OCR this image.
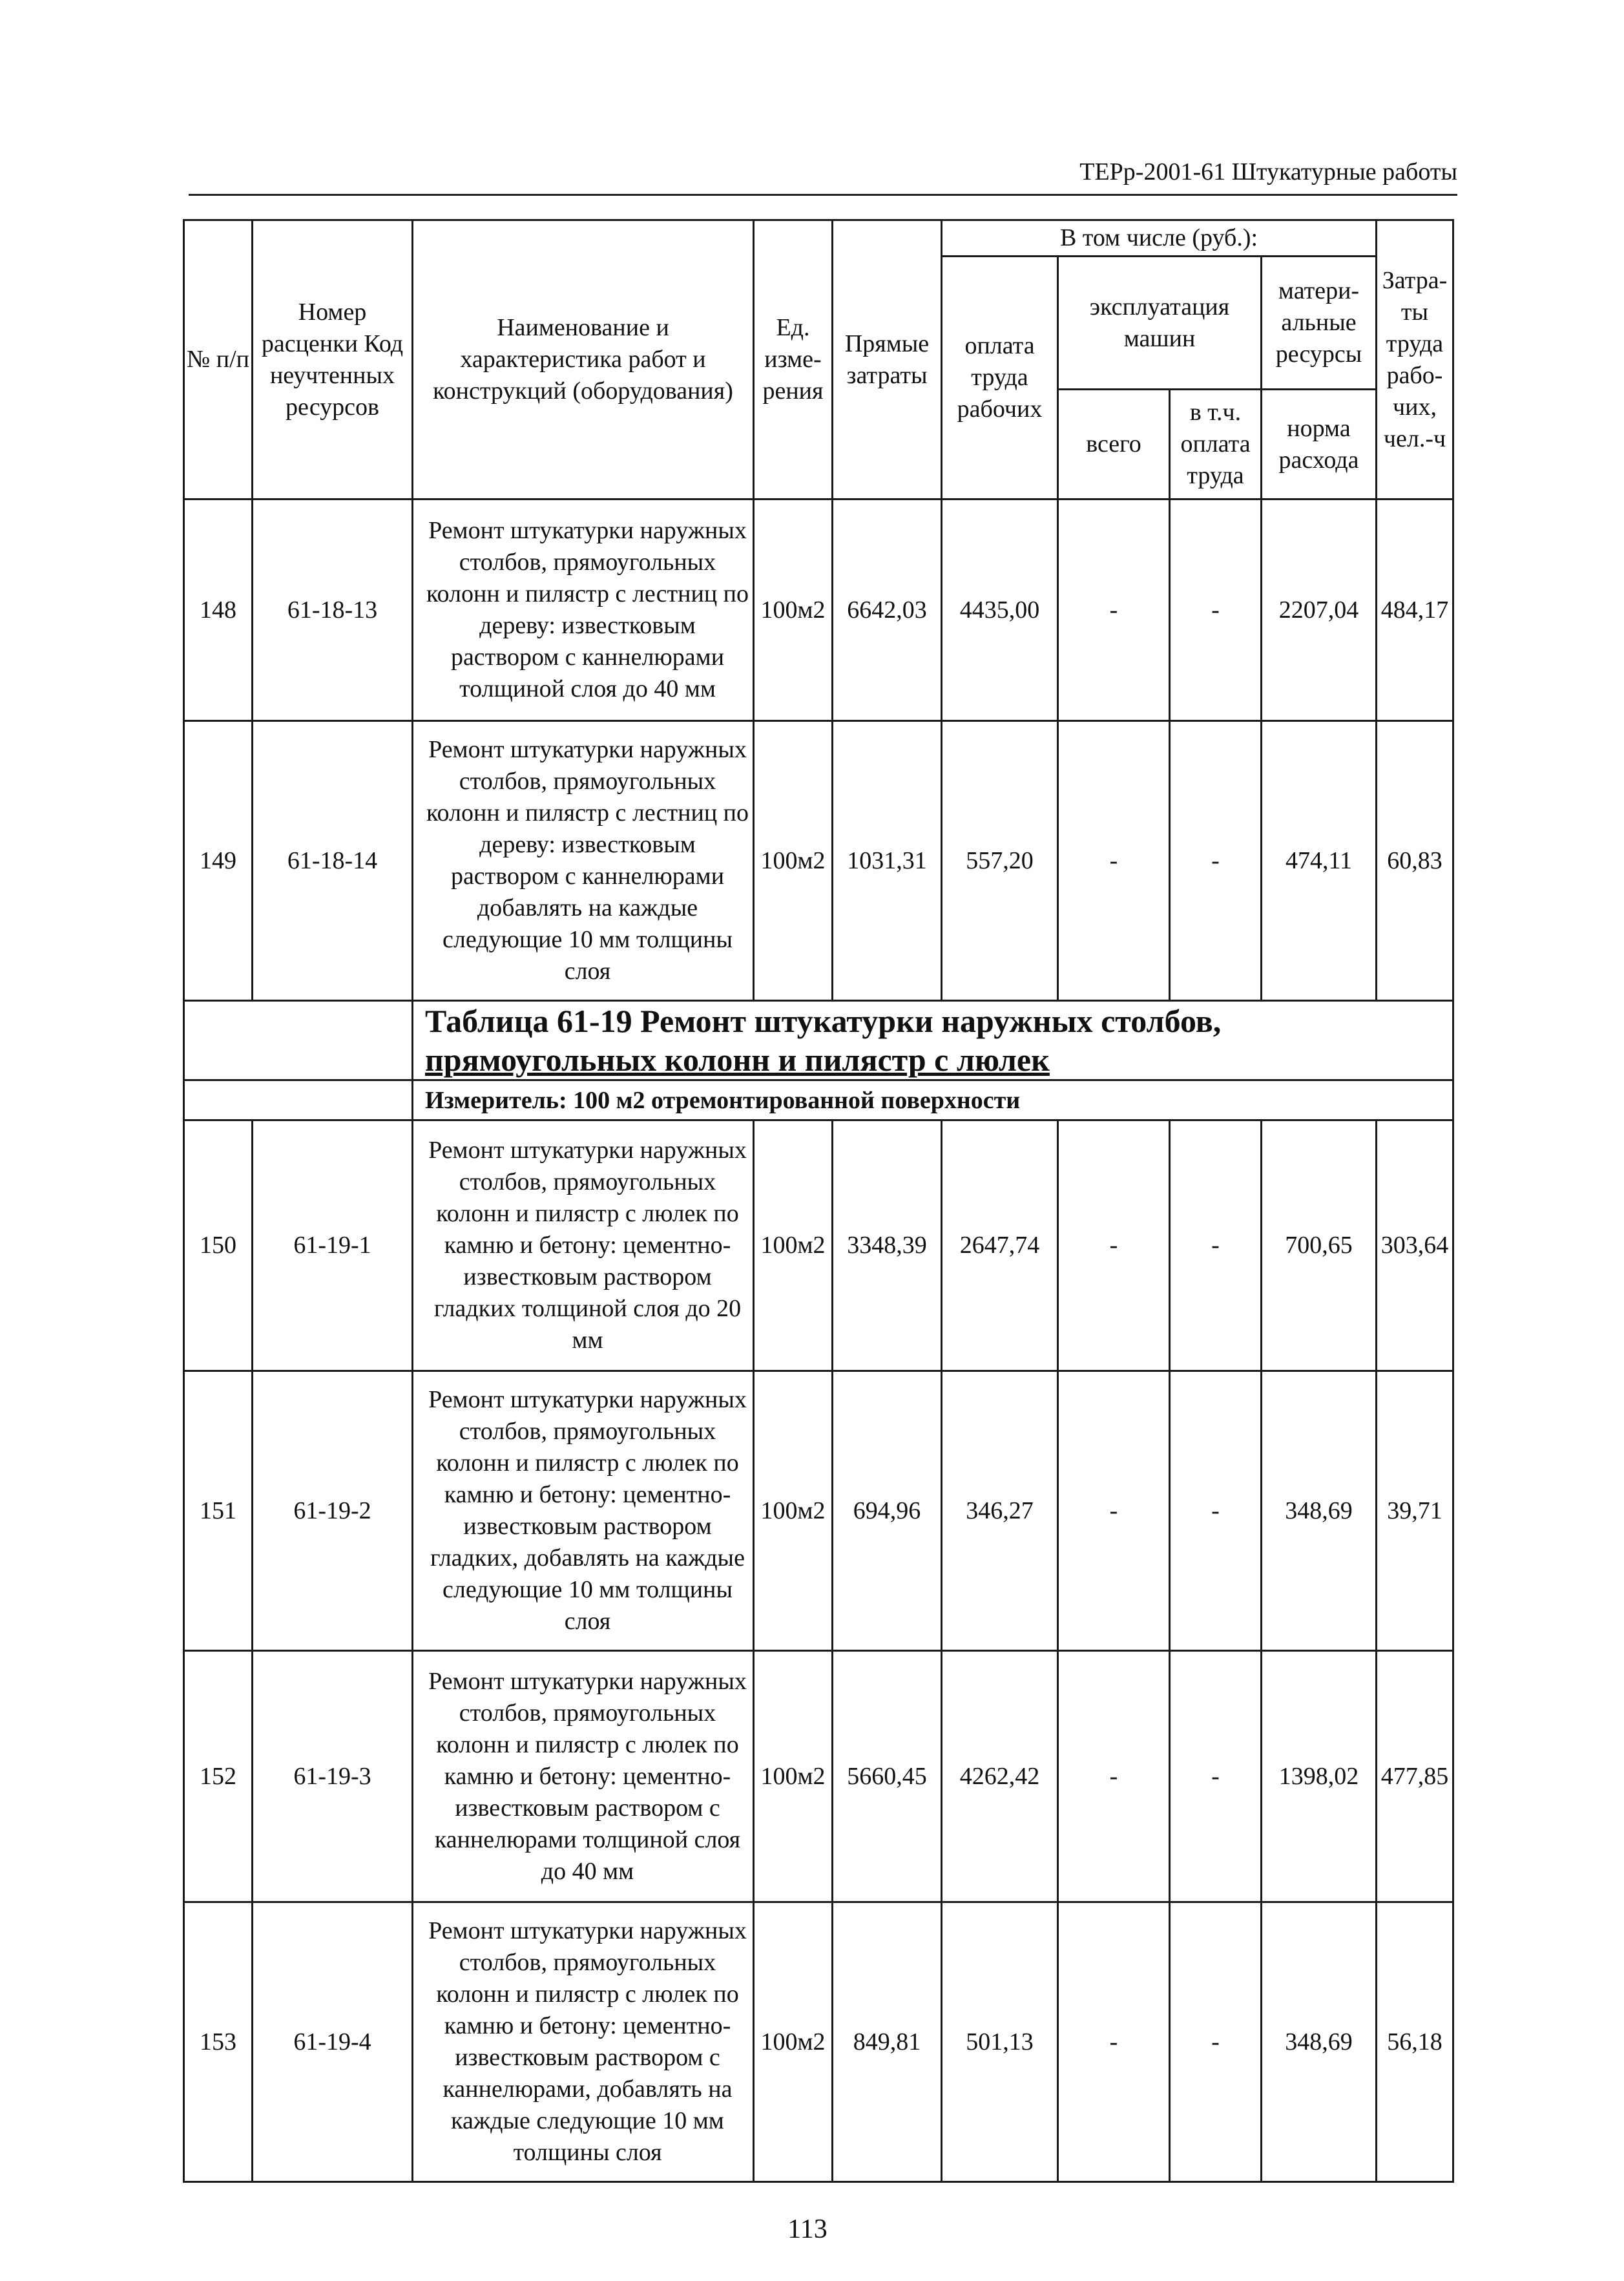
ТЕРр-2001-61 Штукатурные работы
№ п/п	Номер расценки Код неучтенных ресурсов	Наименование и характеристика работ и конструкций (оборудования)	Ед. изме-рения	Прямые затраты	В том числе (руб.):				Затра-ты труда рабо-чих, чел.-ч
					оплата труда рабочих	эксплуатация машин		матери-альные ресурсы	
						всего	в т.ч. оплата труда	норма расхода	
148	61-18-13	Ремонт штукатурки наружных столбов, прямоугольных колонн и пилястр с лестниц по дереву: известковым раствором с каннелюрами толщиной слоя до 40 мм	100м2	6642,03	4435,00	-	-	2207,04	484,17
149	61-18-14	Ремонт штукатурки наружных столбов, прямоугольных колонн и пилястр с лестниц по дереву: известковым раствором с каннелюрами добавлять на каждые следующие 10 мм толщины слоя	100м2	1031,31	557,20	-	-	474,11	60,83

		Таблица 61-19 Ремонт штукатурки наружных столбов,
прямоугольных колонн и пилястр с люлек							

		Измеритель: 100 м2 отремонтированной поверхности							
150	61-19-1	Ремонт штукатурки наружных столбов, прямоугольных колонн и пилястр с люлек по камню и бетону: цементно-известковым раствором гладких толщиной слоя до 20 мм	100м2	3348,39	2647,74	-	-	700,65	303,64
151	61-19-2	Ремонт штукатурки наружных столбов, прямоугольных колонн и пилястр с люлек по камню и бетону: цементно-известковым раствором гладких, добавлять на каждые следующие 10 мм толщины слоя	100м2	694,96	346,27	-	-	348,69	39,71
152	61-19-3	Ремонт штукатурки наружных столбов, прямоугольных колонн и пилястр с люлек по камню и бетону: цементно-известковым раствором с каннелюрами толщиной слоя до 40 мм	100м2	5660,45	4262,42	-	-	1398,02	477,85
153	61-19-4	Ремонт штукатурки наружных столбов, прямоугольных колонн и пилястр с люлек по камню и бетону: цементно-известковым раствором с каннелюрами, добавлять на каждые следующие 10 мм толщины слоя	100м2	849,81	501,13	-	-	348,69	56,18
113
